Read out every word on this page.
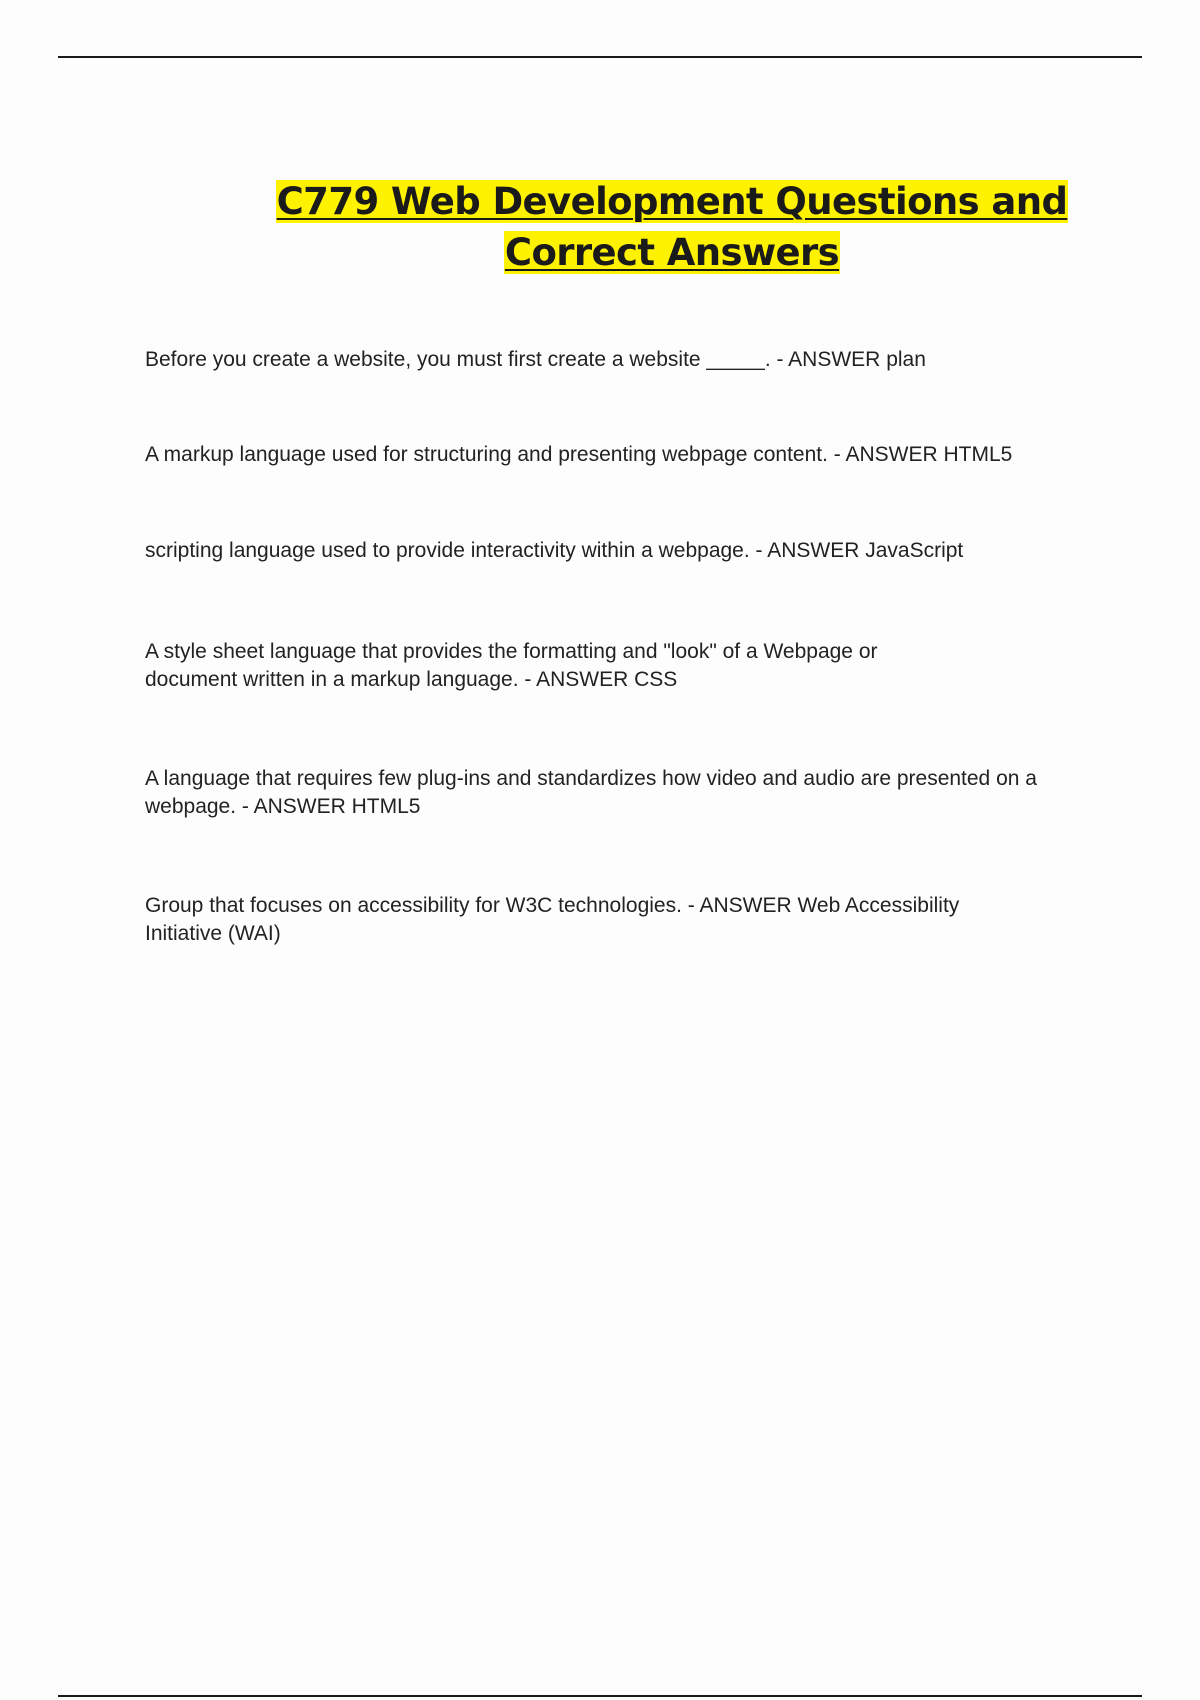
C779 Web Development Questions and
Correct Answers

Before you create a website, you must first create a website _____. - ANSWER plan

A markup language used for structuring and presenting webpage content. - ANSWER HTML5

scripting language used to provide interactivity within a webpage. - ANSWER JavaScript

A style sheet language that provides the formatting and "look" of a Webpage or document written in a markup language. - ANSWER CSS

A language that requires few plug-ins and standardizes how video and audio are presented on a webpage. - ANSWER HTML5

Group that focuses on accessibility for W3C technologies. - ANSWER Web Accessibility Initiative (WAI)
